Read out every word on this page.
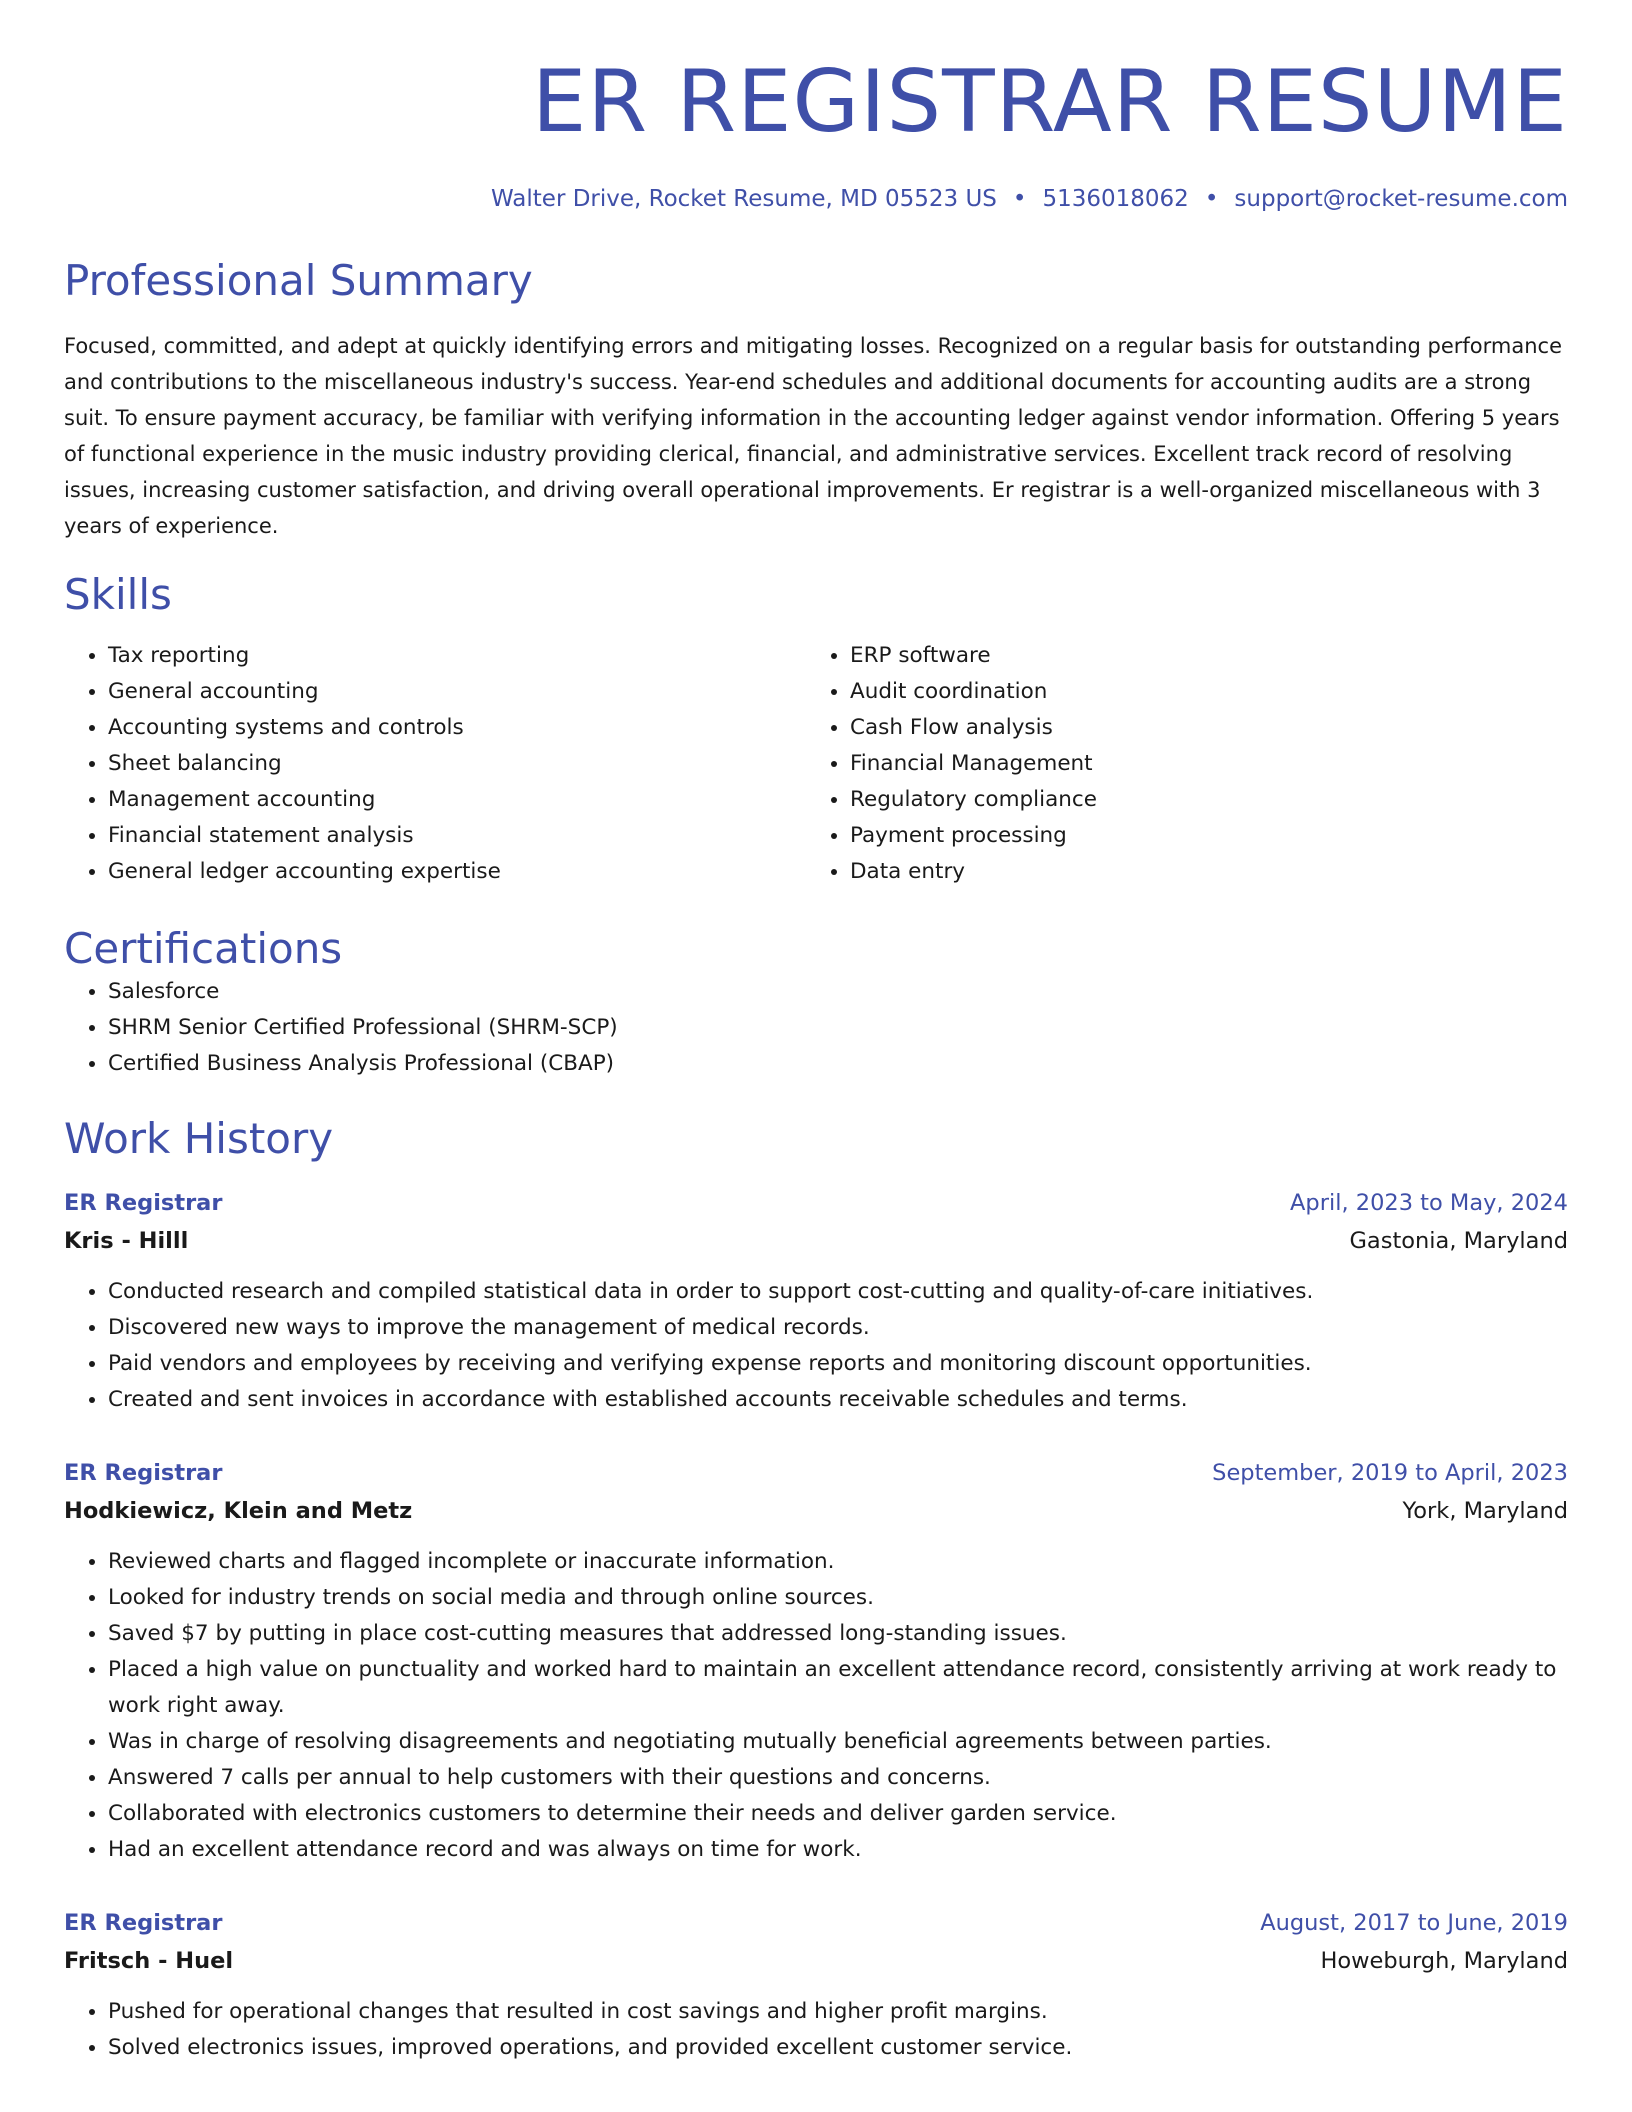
ER REGISTRAR RESUME
Walter Drive, Rocket Resume, MD 05523 US • 5136018062 • support@rocket-resume.com
Professional Summary

Focused, committed, and adept at quickly identifying errors and mitigating losses. Recognized on a regular basis for outstanding performance and contributions to the miscellaneous industry's success. Year-end schedules and additional documents for accounting audits are a strong suit. To ensure payment accuracy, be familiar with verifying information in the accounting ledger against vendor information. Offering 5 years of functional experience in the music industry providing clerical, financial, and administrative services. Excellent track record of resolving issues, increasing customer satisfaction, and driving overall operational improvements. Er registrar is a well-organized miscellaneous with 3 years of experience.

Skills
• Tax reporting
• General accounting
• Accounting systems and controls
• Sheet balancing
• Management accounting
• Financial statement analysis
• General ledger accounting expertise
• ERP software
• Audit coordination
• Cash Flow analysis
• Financial Management
• Regulatory compliance
• Payment processing
• Data entry
Certifications
• Salesforce
• SHRM Senior Certified Professional (SHRM-SCP)
• Certified Business Analysis Professional (CBAP)
Work History
ER Registrar	April, 2023 to May, 2024
Kris - Hilll	Gastonia, Maryland
• Conducted research and compiled statistical data in order to support cost-cutting and quality-of-care initiatives.
• Discovered new ways to improve the management of medical records.
• Paid vendors and employees by receiving and verifying expense reports and monitoring discount opportunities.
• Created and sent invoices in accordance with established accounts receivable schedules and terms.
ER Registrar	September, 2019 to April, 2023
Hodkiewicz, Klein and Metz	York, Maryland
• Reviewed charts and flagged incomplete or inaccurate information.
• Looked for industry trends on social media and through online sources.
• Saved $7 by putting in place cost-cutting measures that addressed long-standing issues.
• Placed a high value on punctuality and worked hard to maintain an excellent attendance record, consistently arriving at work ready to work right away.
• Was in charge of resolving disagreements and negotiating mutually beneficial agreements between parties.
• Answered 7 calls per annual to help customers with their questions and concerns.
• Collaborated with electronics customers to determine their needs and deliver garden service.
• Had an excellent attendance record and was always on time for work.
ER Registrar	August, 2017 to June, 2019
Fritsch - Huel	Howeburgh, Maryland
• Pushed for operational changes that resulted in cost savings and higher profit margins.
• Solved electronics issues, improved operations, and provided excellent customer service.
